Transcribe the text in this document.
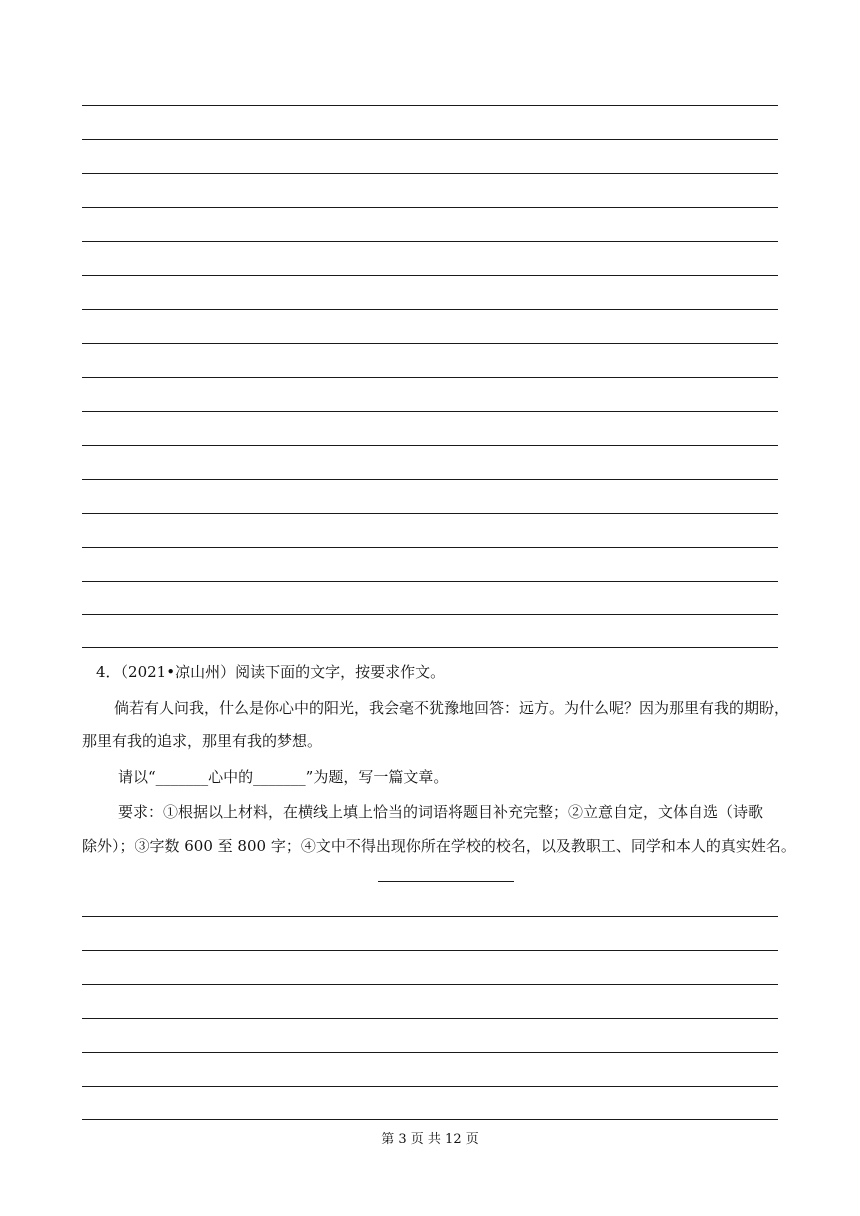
4．（2021•凉山州）阅读下面的文字，按要求作文。
倘若有人问我，什么是你心中的阳光，我会毫不犹豫地回答：远方。为什么呢？因为那里有我的期盼，
那里有我的追求，那里有我的梦想。
请以“_______心中的_______”为题，写一篇文章。
要求：①根据以上材料，在横线上填上恰当的词语将题目补充完整；②立意自定，文体自选（诗歌
除外）；③字数 600 至 800 字；④文中不得出现你所在学校的校名，以及教职工、同学和本人的真实姓名。
第 3 页 共 12 页
